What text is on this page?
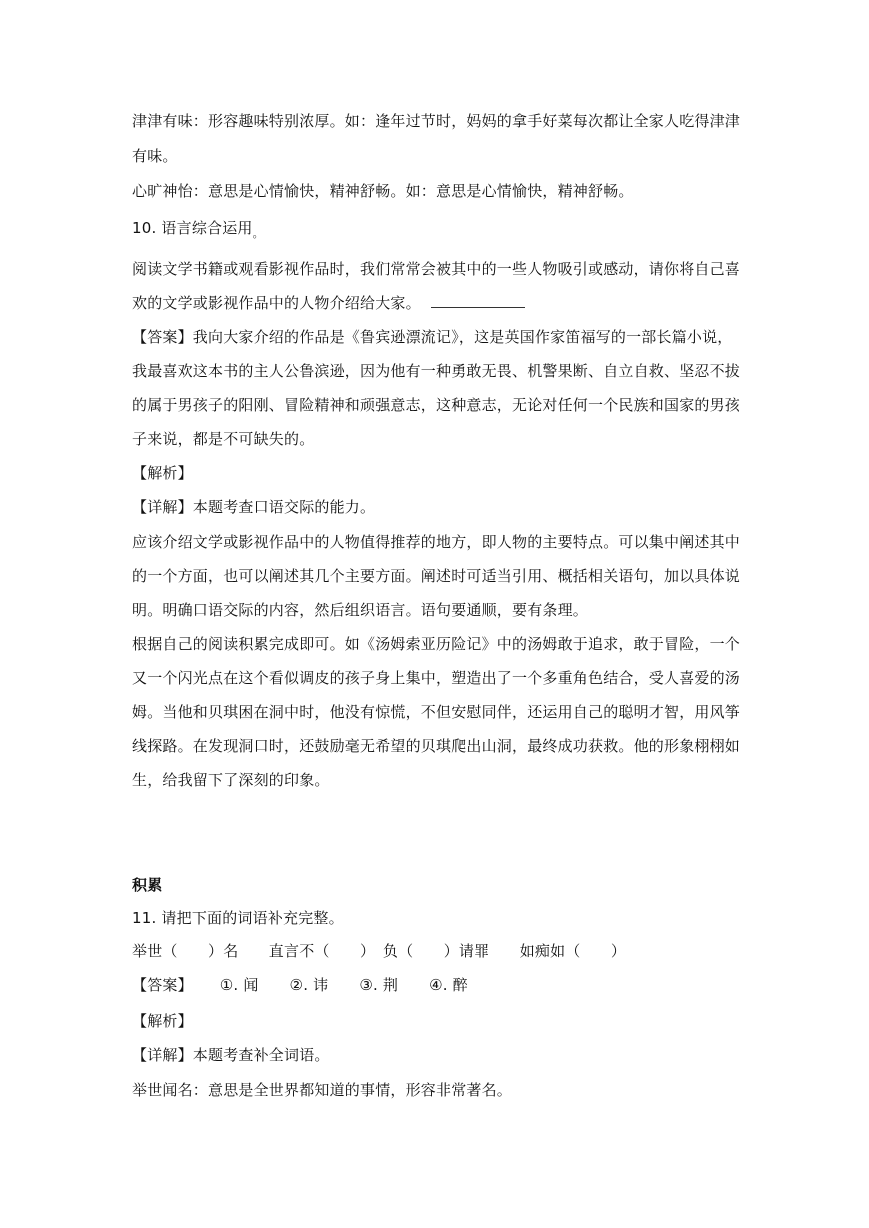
津津有味：形容趣味特别浓厚。如：逢年过节时，妈妈的拿手好菜每次都让全家人吃得津津
有味。
心旷神怡：意思是心情愉快，精神舒畅。如：意思是心情愉快，精神舒畅。
10. 语言综合运用$_。$
阅读文学书籍或观看影视作品时，我们常常会被其中的一些人物吸引或感动，请你将自己喜
欢的文学或影视作品中的人物介绍给大家。
【答案】我向大家介绍的作品是《鲁宾逊漂流记》，这是英国作家笛福写的一部长篇小说，
我最喜欢这本书的主人公鲁滨逊，因为他有一种勇敢无畏、机警果断、自立自救、坚忍不拔
的属于男孩子的阳刚、冒险精神和顽强意志，这种意志，无论对任何一个民族和国家的男孩
子来说，都是不可缺失的。
【解析】
【详解】本题考查口语交际的能力。
应该介绍文学或影视作品中的人物值得推荐的地方，即人物的主要特点。可以集中阐述其中
的一个方面，也可以阐述其几个主要方面。阐述时可适当引用、概括相关语句，加以具体说
明。明确口语交际的内容，然后组织语言。语句要通顺，要有条理。
根据自己的阅读积累完成即可。如《汤姆索亚历险记》中的汤姆敢于追求，敢于冒险，一个
又一个闪光点在这个看似调皮的孩子身上集中，塑造出了一个多重角色结合，受人喜爱的汤
姆。当他和贝琪困在洞中时，他没有惊慌，不但安慰同伴，还运用自己的聪明才智，用风筝
线探路。在发现洞口时，还鼓励毫无希望的贝琪爬出山洞，最终成功获救。他的形象栩栩如
生，给我留下了深刻的印象。
积累
11. 请把下面的词语补充完整。
举世（　　）名　　直言不（　　）　负（　　）请罪　　如痴如（　　）
【答案】 ①. 闻 ②. 讳 ③. 荆 ④. 醉
【解析】
【详解】本题考查补全词语。
举世闻名：意思是全世界都知道的事情，形容非常著名。
